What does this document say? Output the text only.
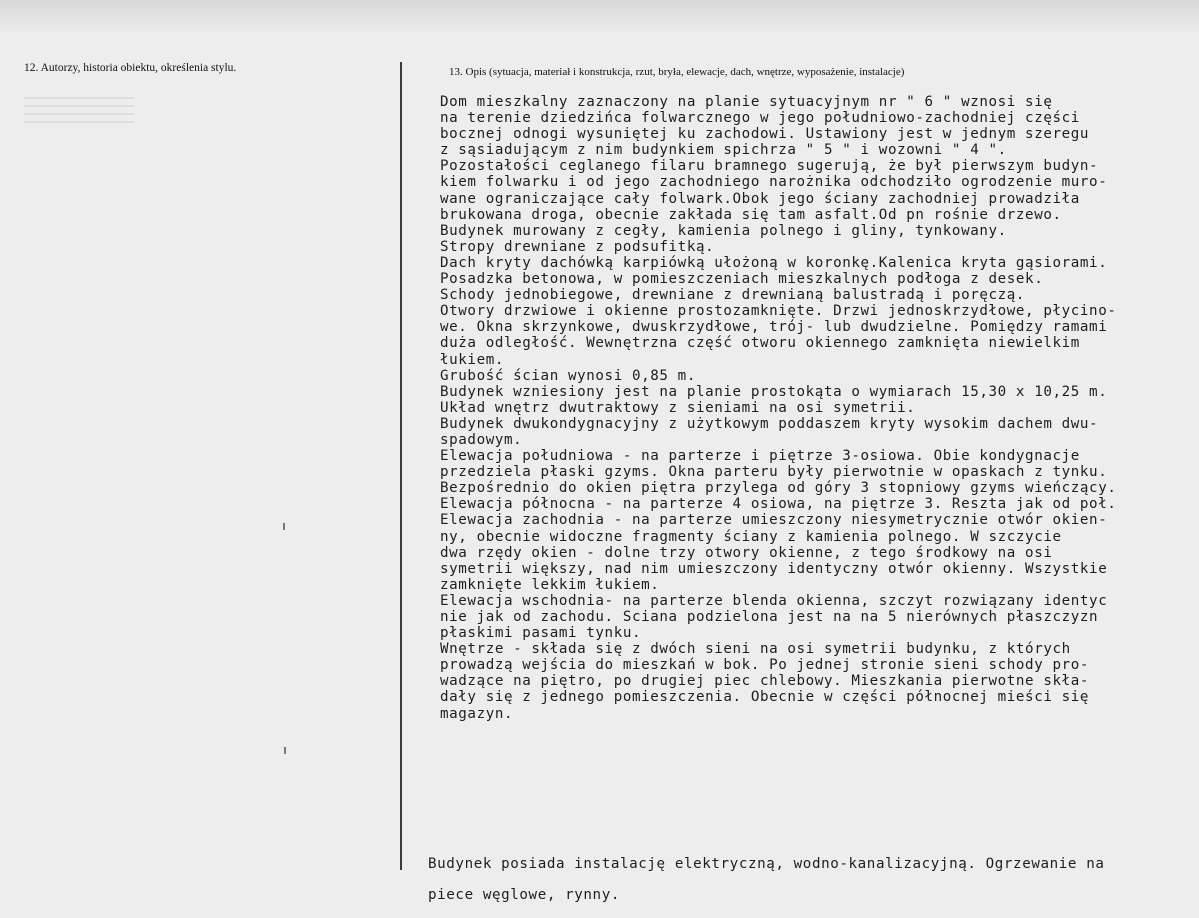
12. Autorzy, historia obiektu, określenia stylu.	13. Opis (sytuacja, materiał i konstrukcja, rzut, bryła, elewacje, dach, wnętrze, wyposażenie, instalacje)
Dom mieszkalny zaznaczony na planie sytuacyjnym nr " 6 " wznosi się
na terenie dziedzińca folwarcznego w jego południowo-zachodniej części
bocznej odnogi wysuniętej ku zachodowi. Ustawiony jest w jednym szeregu
z sąsiadującym z nim budynkiem spichrza " 5 " i wozowni " 4 ".
Pozostałości ceglanego filaru bramnego sugerują, że był pierwszym budyn-
kiem folwarku i od jego zachodniego narożnika odchodziło ogrodzenie muro-
wane ograniczające cały folwark.Obok jego ściany zachodniej prowadziła
brukowana droga, obecnie zakłada się tam asfalt.Od pn rośnie drzewo.
Budynek murowany z cegły, kamienia polnego i gliny, tynkowany.
Stropy drewniane z podsufitką.
Dach kryty dachówką karpiówką ułożoną w koronkę.Kalenica kryta gąsiorami.
Posadzka betonowa, w pomieszczeniach mieszkalnych podłoga z desek.
Schody jednobiegowe, drewniane z drewnianą balustradą i poręczą.
Otwory drzwiowe i okienne prostozamknięte. Drzwi jednoskrzydłowe, płycino-
we. Okna skrzynkowe, dwuskrzydłowe, trój- lub dwudzielne. Pomiędzy ramami
duża odległość. Wewnętrzna część otworu okiennego zamknięta niewielkim
łukiem.
Grubość ścian wynosi 0,85 m.
Budynek wzniesiony jest na planie prostokąta o wymiarach 15,30 x 10,25 m.
Układ wnętrz dwutraktowy z sieniami na osi symetrii.
Budynek dwukondygnacyjny z użytkowym poddaszem kryty wysokim dachem dwu-
spadowym.
Elewacja południowa - na parterze i piętrze 3-osiowa. Obie kondygnacje
przedziela płaski gzyms. Okna parteru były pierwotnie w opaskach z tynku.
Bezpośrednio do okien piętra przylega od góry 3 stopniowy gzyms wieńczący.
Elewacja północna - na parterze 4 osiowa, na piętrze 3. Reszta jak od poł.
Elewacja zachodnia - na parterze umieszczony niesymetrycznie otwór okien-
ny, obecnie widoczne fragmenty ściany z kamienia polnego. W szczycie
dwa rzędy okien - dolne trzy otwory okienne, z tego środkowy na osi
symetrii większy, nad nim umieszczony identyczny otwór okienny. Wszystkie
zamknięte lekkim łukiem.
Elewacja wschodnia- na parterze blenda okienna, szczyt rozwiązany identyc
nie jak od zachodu. Sciana podzielona jest na na 5 nierównych płaszczyzn
płaskimi pasami tynku.
Wnętrze - składa się z dwóch sieni na osi symetrii budynku, z których
prowadzą wejścia do mieszkań w bok. Po jednej stronie sieni schody pro-
wadzące na piętro, po drugiej piec chlebowy. Mieszkania pierwotne skła-
dały się z jednego pomieszczenia. Obecnie w części północnej mieści się
magazyn.
Budynek posiada instalację elektryczną, wodno-kanalizacyjną. Ogrzewanie na
piece węglowe, rynny.
